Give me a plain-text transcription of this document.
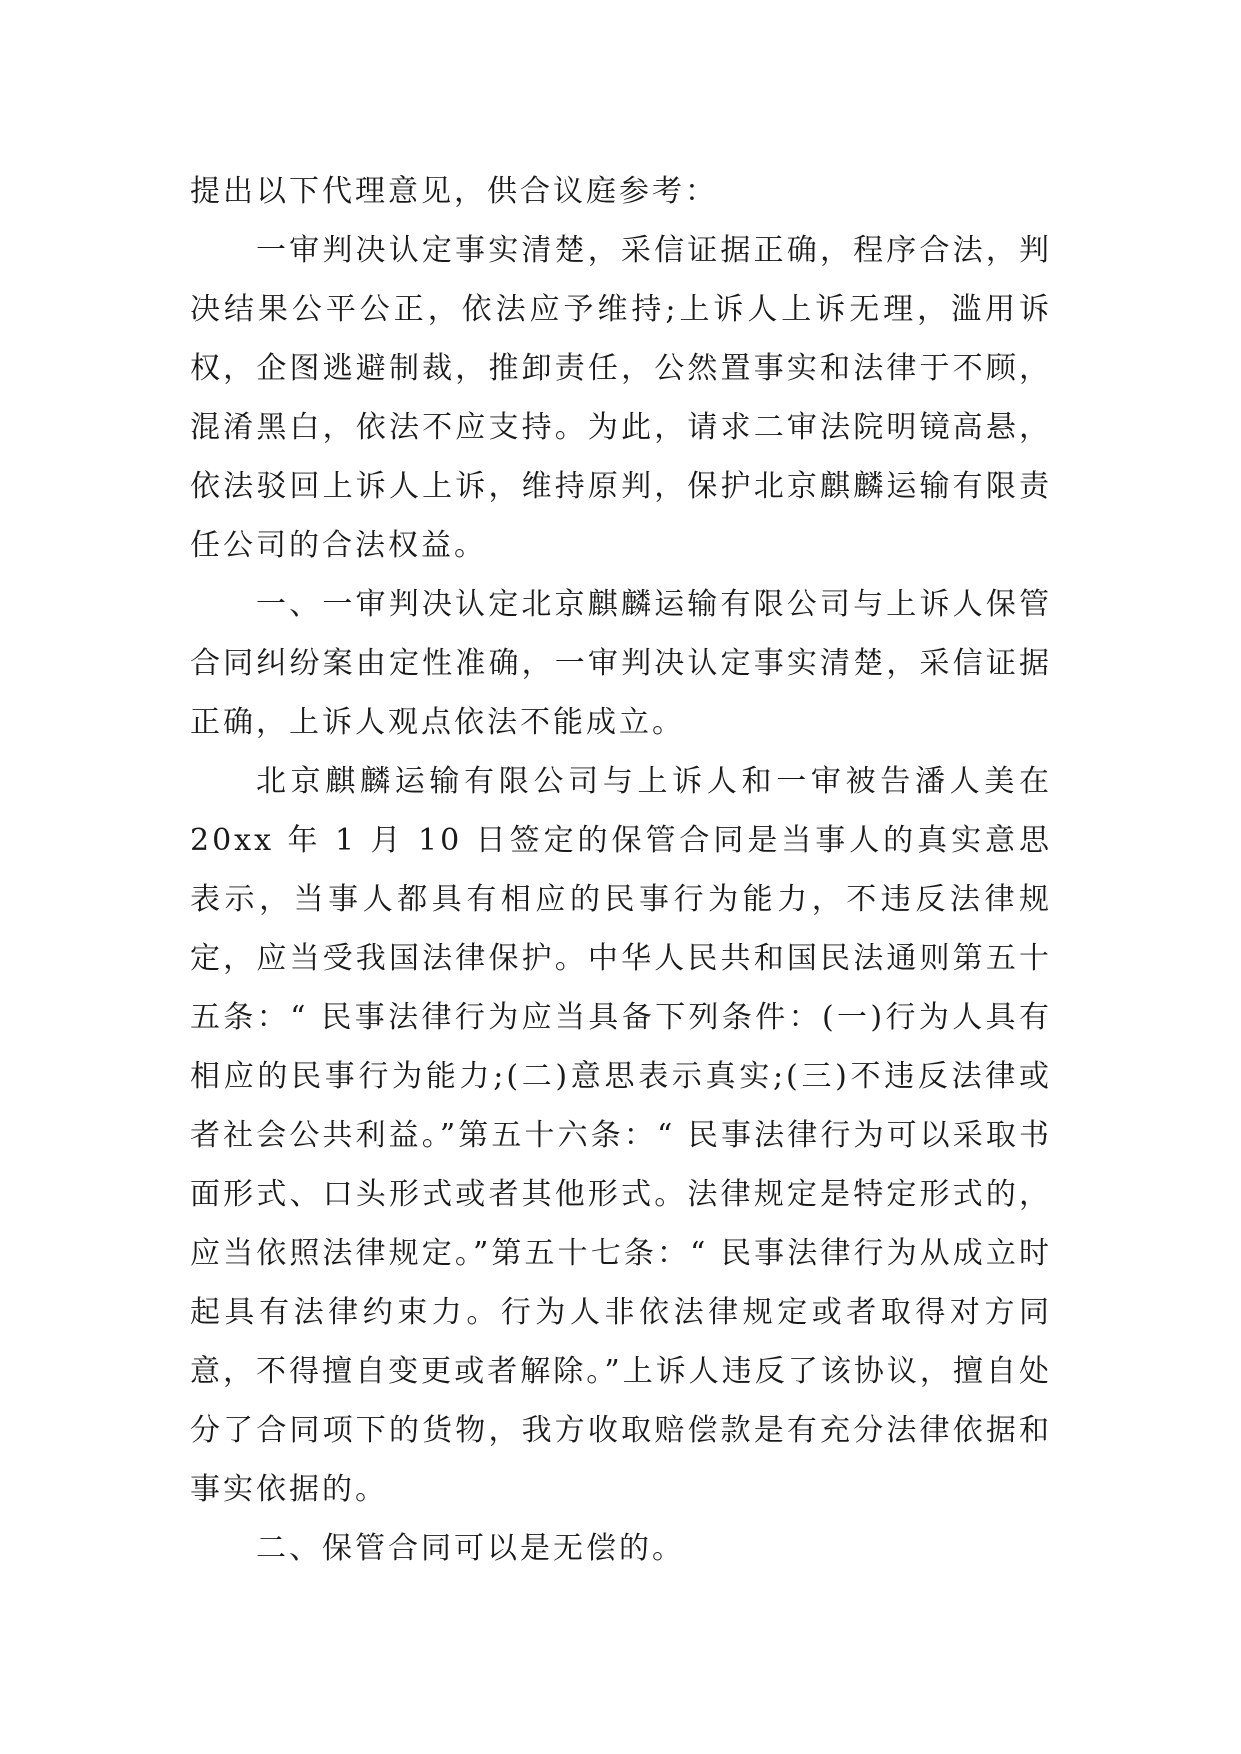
提出以下代理意见，供合议庭参考：

一审判决认定事实清楚，采信证据正确，程序合法，判决结果公平公正，依法应予维持;上诉人上诉无理，滥用诉权，企图逃避制裁，推卸责任，公然置事实和法律于不顾，混淆黑白，依法不应支持。为此，请求二审法院明镜高悬，依法驳回上诉人上诉，维持原判，保护北京麒麟运输有限责任公司的合法权益。

一、一审判决认定北京麒麟运输有限公司与上诉人保管合同纠纷案由定性准确，一审判决认定事实清楚，采信证据正确，上诉人观点依法不能成立。

北京麒麟运输有限公司与上诉人和一审被告潘人美在20xx 年 1 月 10 日签定的保管合同是当事人的真实意思表示，当事人都具有相应的民事行为能力，不违反法律规定，应当受我国法律保护。中华人民共和国民法通则第五十五条：“ 民事法律行为应当具备下列条件：(一)行为人具有相应的民事行为能力;(二)意思表示真实;(三)不违反法律或者社会公共利益。”第五十六条：“ 民事法律行为可以采取书面形式、口头形式或者其他形式。法律规定是特定形式的，应当依照法律规定。”第五十七条：“ 民事法律行为从成立时起具有法律约束力。行为人非依法律规定或者取得对方同意，不得擅自变更或者解除。”上诉人违反了该协议，擅自处分了合同项下的货物，我方收取赔偿款是有充分法律依据和事实依据的。

二、保管合同可以是无偿的。
